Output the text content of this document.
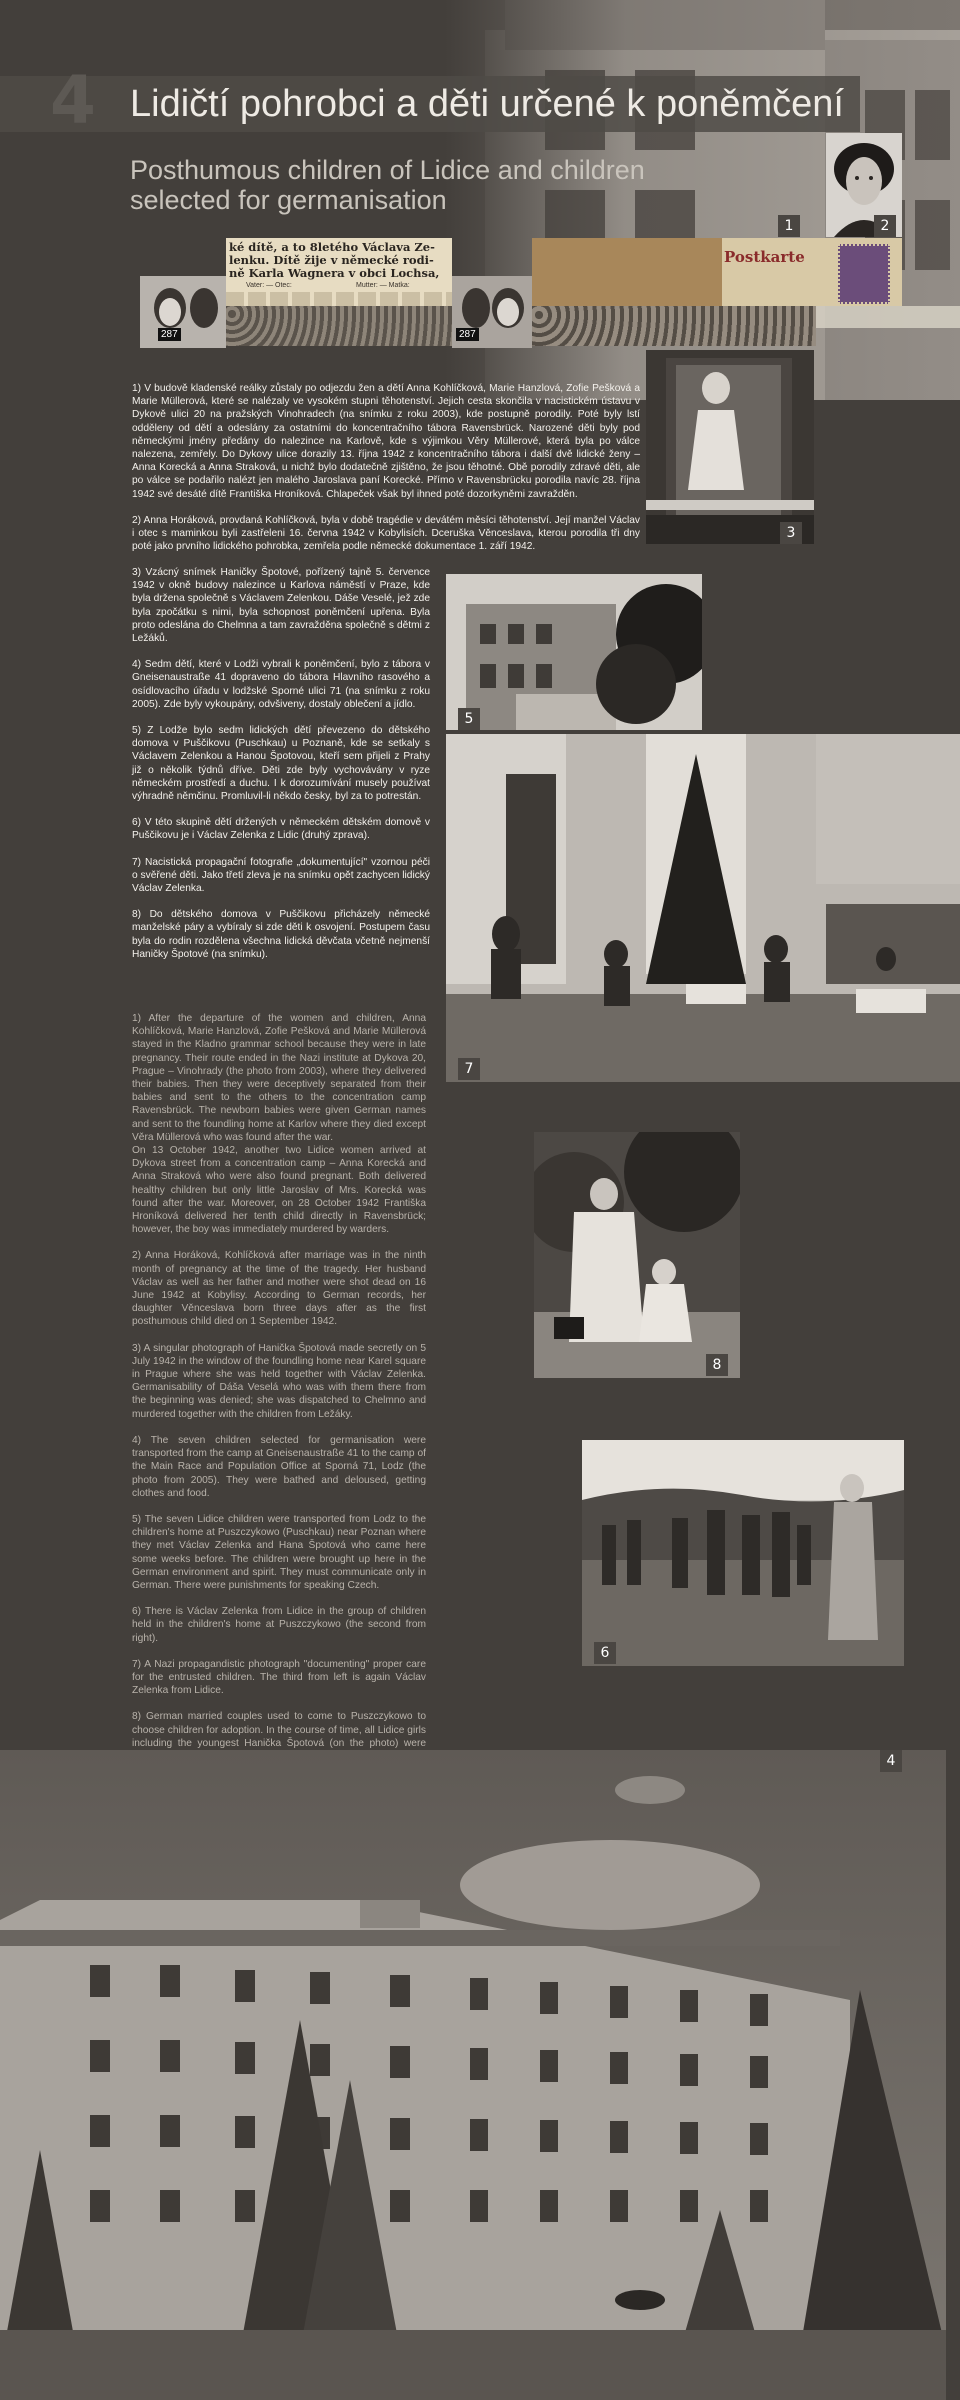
4 Lidičtí pohrobci a děti určené k poněmčení
Posthumous children of Lidice and children
selected for germanisation
1	2
ké dítě, a to 8letého Václava Ze-
lenku. Dítě žije v německé rodi-
ně Karla Wagnera v obci Lochsa,
Vater: — Otec:	Mutter: — Matka:
287	287
Postkarte
3

1) V budově kladenské reálky zůstaly po odjezdu žen a dětí Anna Kohlíčková, Marie Hanzlová, Zofie Pešková a Marie Müllerová, které se nalézaly ve vysokém stupni těhotenství. Jejich cesta skončila v nacistickém ústavu v Dykově ulici 20 na pražských Vinohradech (na snímku z roku 2003), kde postupně porodily. Poté byly lstí odděleny od dětí a odeslány za ostatními do koncentračního tábora Ravensbrück. Narozené děti byly pod německými jmény předány do nalezince na Karlově, kde s výjimkou Věry Müllerové, která byla po válce nalezena, zemřely. Do Dykovy ulice dorazily 13. října 1942 z koncentračního tábora i další dvě lidické ženy – Anna Korecká a Anna Straková, u nichž bylo dodatečně zjištěno, že jsou těhotné. Obě porodily zdravé děti, ale po válce se podařilo nalézt jen malého Jaroslava paní Korecké. Přímo v Ravensbrücku porodila navíc 28. října 1942 své desáté dítě Františka Hroníková. Chlapeček však byl ihned poté dozorkyněmi zavražděn.

2) Anna Horáková, provdaná Kohlíčková, byla v době tragédie v devátém měsíci těhotenství. Její manžel Václav i otec s maminkou byli zastřeleni 16. června 1942 v Kobylisích. Dceruška Věnceslava, kterou porodila tři dny poté jako prvního lidického pohrobka, zemřela podle německé dokumentace 1. září 1942.

3) Vzácný snímek Haničky Špotové, pořízený tajně 5. července 1942 v okně budovy nalezince u Karlova náměstí v Praze, kde byla držena společně s Václavem Zelenkou. Dáše Veselé, jež zde byla zpočátku s nimi, byla schopnost poněmčení upřena. Byla proto odeslána do Chelmna a tam zavražděna společně s dětmi z Ležáků.

4) Sedm dětí, které v Lodži vybrali k poněmčení, bylo z tábora v Gneisenaustraße 41 dopraveno do tábora Hlavního rasového a osídlovacího úřadu v lodžské Sporné ulici 71 (na snímku z roku 2005). Zde byly vykoupány, odvšiveny, dostaly oblečení a jídlo.

5) Z Lodže bylo sedm lidických dětí převezeno do dětského domova v Puščikovu (Puschkau) u Poznaně, kde se setkaly s Václavem Zelenkou a Hanou Špotovou, kteří sem přijeli z Prahy již o několik týdnů dříve. Děti zde byly vychovávány v ryze německém prostředí a duchu. I k dorozumívání musely používat výhradně němčinu. Promluvil-li někdo česky, byl za to potrestán.

6) V této skupině dětí držených v německém dětském domově v Puščikovu je i Václav Zelenka z Lidic (druhý zprava).

7) Nacistická propagační fotografie „dokumentující" vzornou péči o svěřené děti. Jako třetí zleva je na snímku opět zachycen lidický Václav Zelenka.

8) Do dětského domova v Puščikovu přicházely německé manželské páry a vybíraly si zde děti k osvojení. Postupem času byla do rodin rozdělena všechna lidická děvčata včetně nejmenší Haničky Špotové (na snímku).

5
7

1) After the departure of the women and children, Anna Kohlíčková, Marie Hanzlová, Zofie Pešková and Marie Müllerová stayed in the Kladno grammar school because they were in late pregnancy. Their route ended in the Nazi institute at Dykova 20, Prague – Vinohrady (the photo from 2003), where they delivered their babies. Then they were deceptively separated from their babies and sent to the others to the concentration camp Ravensbrück. The newborn babies were given German names and sent to the foundling home at Karlov where they died except Věra Müllerová who was found after the war.

On 13 October 1942, another two Lidice women arrived at Dykova street from a concentration camp – Anna Korecká and Anna Straková who were also found pregnant. Both delivered healthy children but only little Jaroslav of Mrs. Korecká was found after the war. Moreover, on 28 October 1942 Františka Hroníková delivered her tenth child directly in Ravensbrück; however, the boy was immediately murdered by warders.

2) Anna Horáková, Kohlíčková after marriage was in the ninth month of pregnancy at the time of the tragedy. Her husband Václav as well as her father and mother were shot dead on 16 June 1942 at Kobylisy. According to German records, her daughter Věnceslava born three days after as the first posthumous child died on 1 September 1942.

3) A singular photograph of Hanička Špotová made secretly on 5 July 1942 in the window of the foundling home near Karel square in Prague where she was held together with Václav Zelenka. Germanisability of Dáša Veselá who was with them there from the beginning was denied; she was dispatched to Chelmno and murdered together with the children from Ležáky.

4) The seven children selected for germanisation were transported from the camp at Gneisenaustraße 41 to the camp of the Main Race and Population Office at Sporná 71, Lodz (the photo from 2005). They were bathed and deloused, getting clothes and food.

5) The seven Lidice children were transported from Lodz to the children's home at Puszczykowo (Puschkau) near Poznan where they met Václav Zelenka and Hana Špotová who came here some weeks before. The children were brought up here in the German environment and spirit. They must communicate only in German. There were punishments for speaking Czech.

6) There is Václav Zelenka from Lidice in the group of children held in the children's home at Puszczykowo (the second from right).

7) A Nazi propagandistic photograph "documenting" proper care for the entrusted children. The third from left is again Václav Zelenka from Lidice.

8) German married couples used to come to Puszczykowo to choose children for adoption. In the course of time, all Lidice girls including the youngest Hanička Špotová (on the photo) were

8
6
4
